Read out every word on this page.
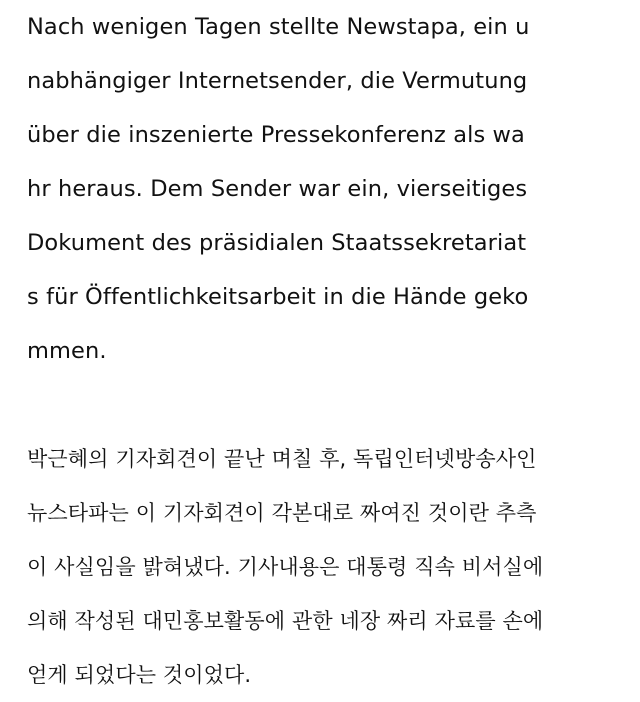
Nach wenigen Tagen stellte Newstapa, ein u
nabhängiger Internetsender, die Vermutung
über die inszenierte Pressekonferenz als wa
hr heraus. Dem Sender war ein, vierseitiges
Dokument des präsidialen Staatssekretariat
s für Öffentlichkeitsarbeit in die Hände geko
mmen.
박근혜의 기자회견이 끝난 며칠 후, 독립인터넷방송사인
뉴스타파는 이 기자회견이 각본대로 짜여진 것이란 추측
이 사실임을 밝혀냈다. 기사내용은 대통령 직속 비서실에
의해 작성된 대민홍보활동에 관한 네장 짜리 자료를 손에
얻게 되었다는 것이었다.
